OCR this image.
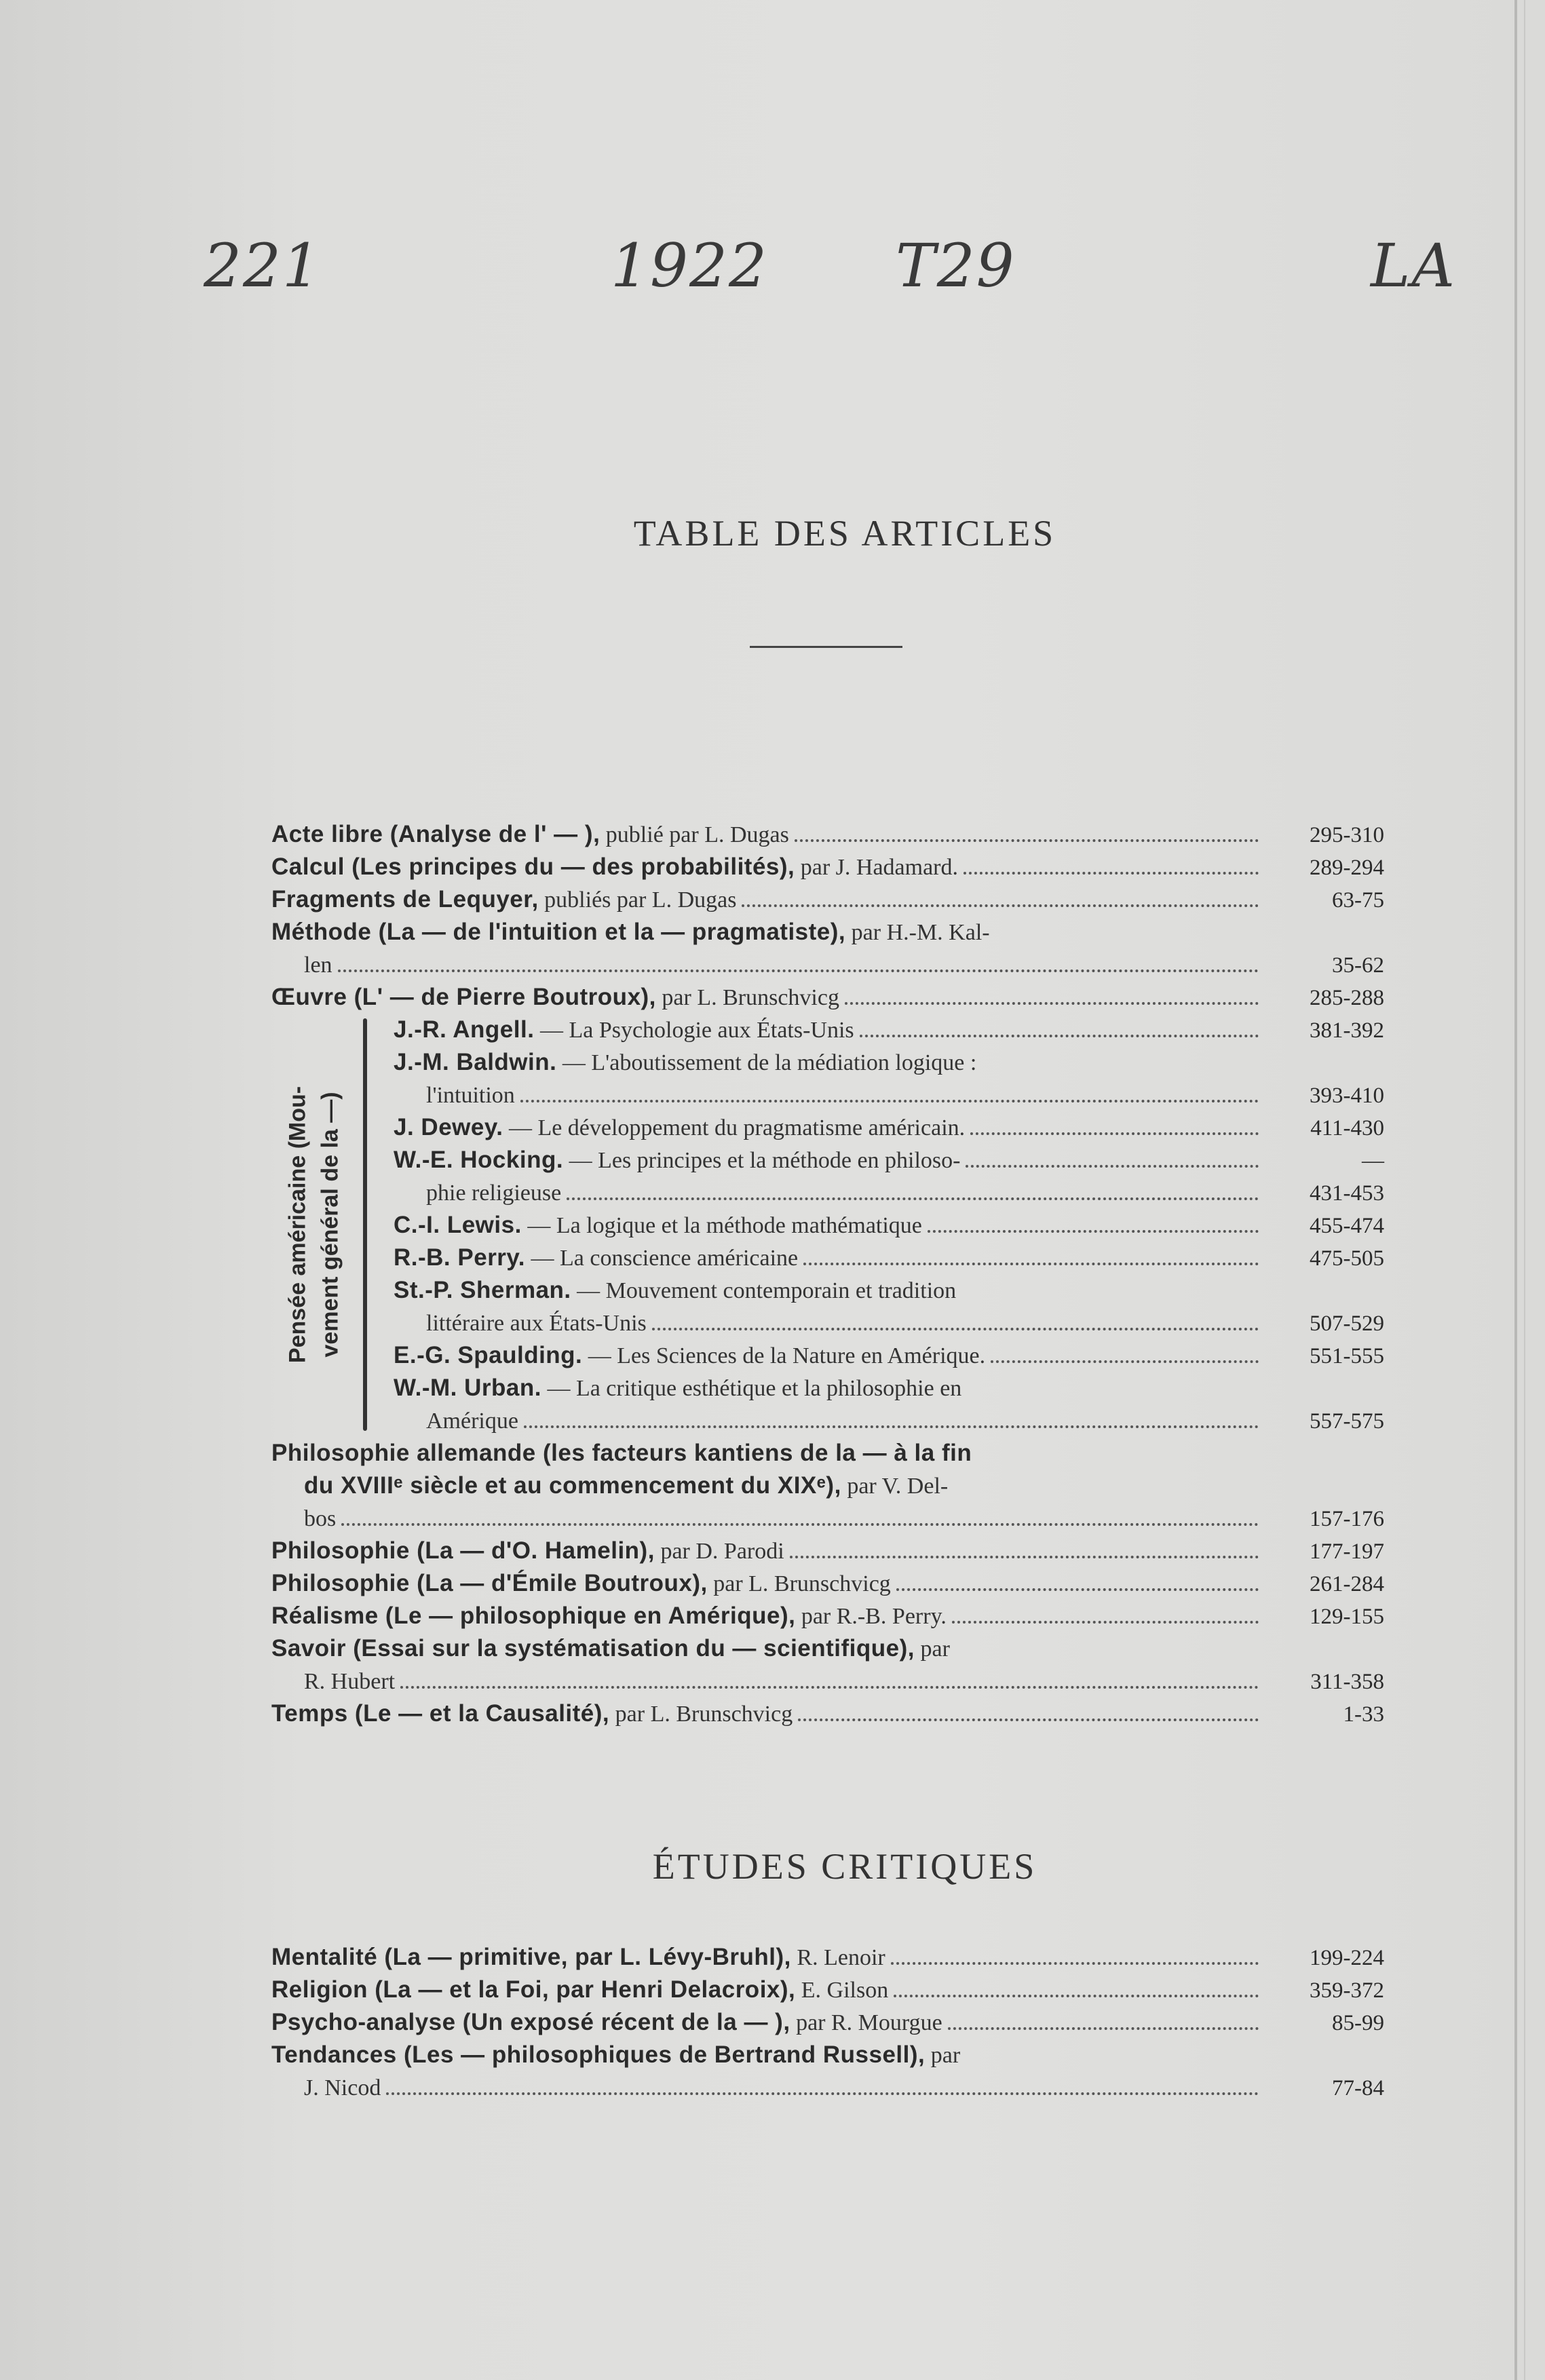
221	1922 T29	LA
TABLE DES ARTICLES
Acte libre (Analyse de l' — ), publié par L. Dugas	295-310
Calcul (Les principes du — des probabilités), par J. Hadamard.	289-294
Fragments de Lequyer, publiés par L. Dugas	63-75
Méthode (La — de l'intuition et la — pragmatiste), par H.-M. Kal-
len	35-62
Œuvre (L' — de Pierre Boutroux), par L. Brunschvicg	285-288
Pensée américaine (Mou- vement général de la —)
J.-R. Angell. — La Psychologie aux États-Unis	381-392
J.-M. Baldwin. — L'aboutissement de la médiation logique :
l'intuition	393-410
J. Dewey. — Le développement du pragmatisme américain.	411-430
W.-E. Hocking. — Les principes et la méthode en philoso-	—
phie religieuse	431-453
C.-I. Lewis. — La logique et la méthode mathématique	455-474
R.-B. Perry. — La conscience américaine	475-505
St.-P. Sherman. — Mouvement contemporain et tradition
littéraire aux États-Unis	507-529
E.-G. Spaulding. — Les Sciences de la Nature en Amérique.	551-555
W.-M. Urban. — La critique esthétique et la philosophie en
Amérique	557-575
Philosophie allemande (les facteurs kantiens de la — à la fin
du XVIIIᵉ siècle et au commencement du XIXᵉ), par V. Del-
bos	157-176
Philosophie (La — d'O. Hamelin), par D. Parodi	177-197
Philosophie (La — d'Émile Boutroux), par L. Brunschvicg	261-284
Réalisme (Le — philosophique en Amérique), par R.-B. Perry.	129-155
Savoir (Essai sur la systématisation du — scientifique), par
R. Hubert	311-358
Temps (Le — et la Causalité), par L. Brunschvicg	1-33
ÉTUDES CRITIQUES
Mentalité (La — primitive, par L. Lévy-Bruhl), R. Lenoir	199-224
Religion (La — et la Foi, par Henri Delacroix), E. Gilson	359-372
Psycho-analyse (Un exposé récent de la — ), par R. Mourgue	85-99
Tendances (Les — philosophiques de Bertrand Russell), par
J. Nicod	77-84
